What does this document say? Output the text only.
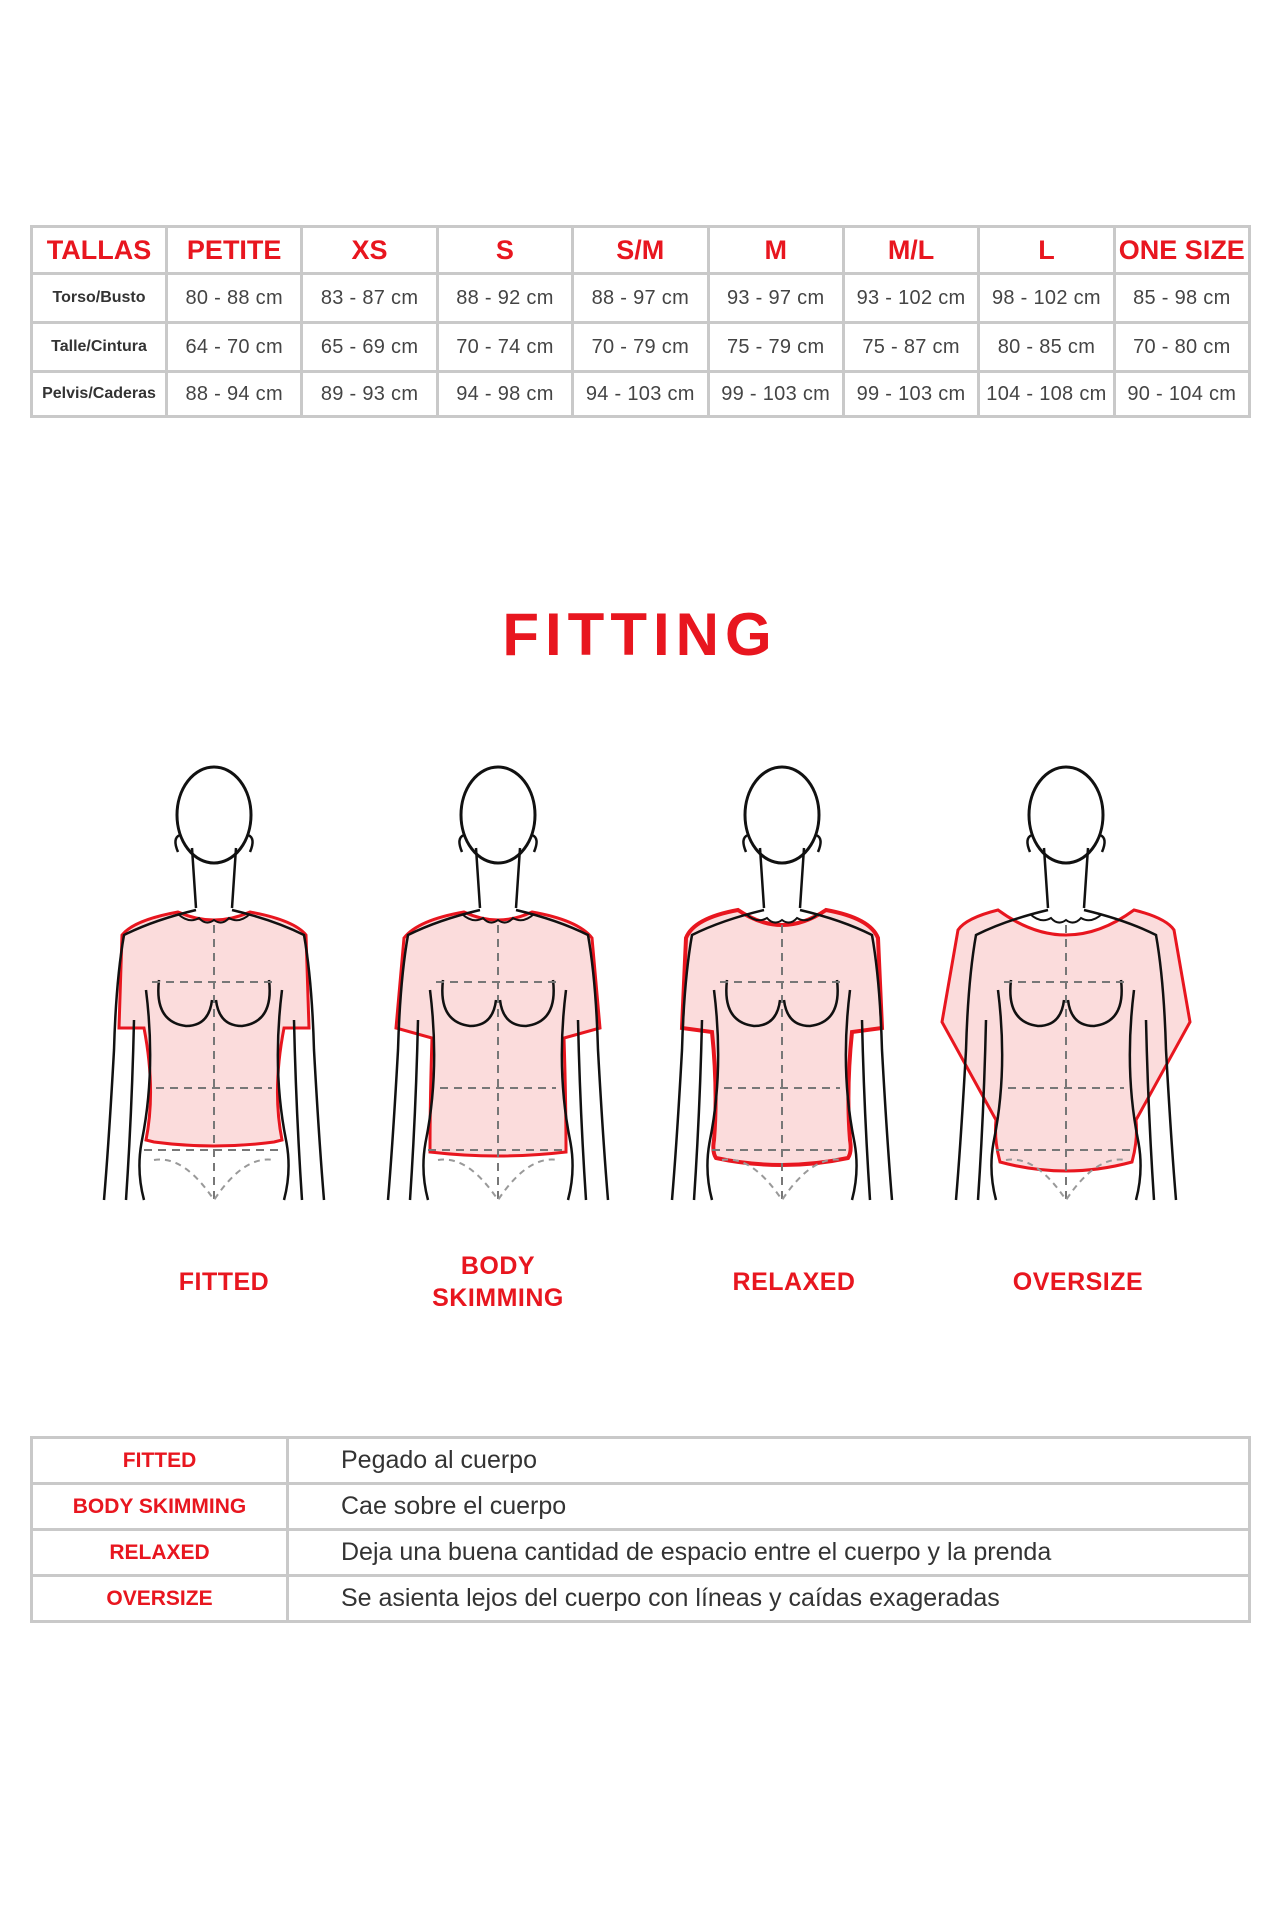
TALLAS	PETITE	XS	S	S/M	M	M/L	L	ONE SIZE
Torso/Busto	80 - 88 cm	83 - 87 cm	88 - 92 cm	88 - 97 cm	93 - 97 cm	93 - 102 cm	98 - 102 cm	85 - 98 cm
Talle/Cintura	64 - 70 cm	65 - 69 cm	70 - 74 cm	70 - 79 cm	75 - 79 cm	75 - 87 cm	80 - 85 cm	70 - 80 cm
Pelvis/Caderas	88 - 94 cm	89 - 93 cm	94 - 98 cm	94 - 103 cm	99 - 103 cm	99 - 103 cm	104 - 108 cm	90 - 104 cm
FITTING
FITTED
BODY
SKIMMING
RELAXED	OVERSIZE
FITTED	Pegado al cuerpo
BODY SKIMMING	Cae sobre el cuerpo
RELAXED	Deja una buena cantidad de espacio entre el cuerpo y la prenda
OVERSIZE	Se asienta lejos del cuerpo con líneas y caídas exageradas
